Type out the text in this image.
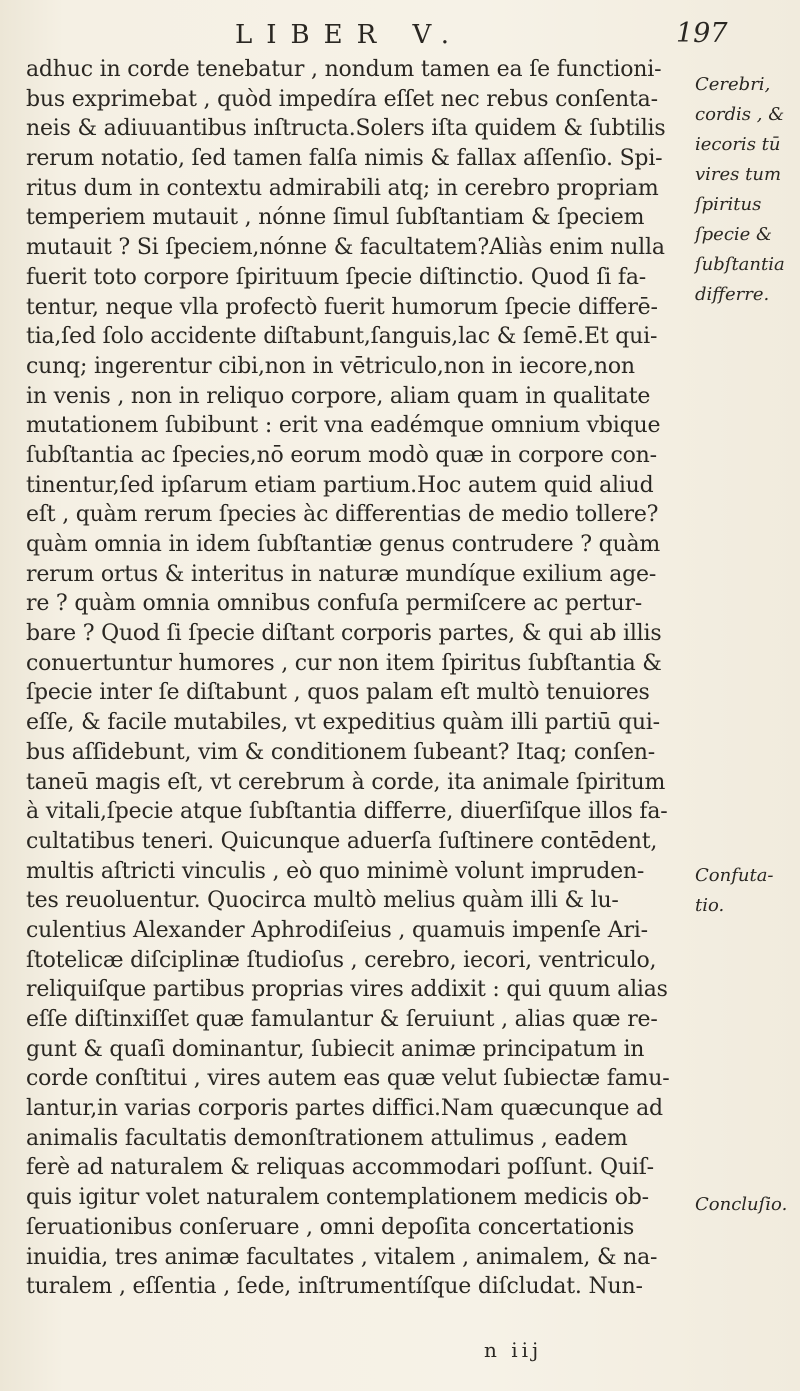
LIBER V.	197
adhuc in corde tenebatur , nondum tamen ea ſe functioni-
bus exprimebat , quòd impedíra eſſet nec rebus conſenta-
neis & adiuuantibus inſtructa.Solers iſta quidem & ſubtilis
rerum notatio, ſed tamen falſa nimis & fallax aſſenſio. Spi-
ritus dum in contextu admirabili atq; in cerebro propriam
temperiem mutauit , nónne ſimul ſubſtantiam & ſpeciem
mutauit ? Si ſpeciem,nónne & facultatem?Aliàs enim nulla
fuerit toto corpore ſpirituum ſpecie diſtinctio. Quod ſi fa-
tentur, neque vlla profectò fuerit humorum ſpecie differē-
tia,ſed ſolo accidente diſtabunt,ſanguis,lac & ſemē.Et qui-
cunq; ingerentur cibi,non in vētriculo,non in iecore,non
in venis , non in reliquo corpore, aliam quam in qualitate
mutationem ſubibunt : erit vna eadémque omnium vbique
ſubſtantia ac ſpecies,nō eorum modò quæ in corpore con-
tinentur,ſed ipſarum etiam partium.Hoc autem quid aliud
eſt , quàm rerum ſpecies àc differentias de medio tollere?
quàm omnia in idem ſubſtantiæ genus contrudere ? quàm
rerum ortus & interitus in naturæ mundíque exilium age-
re ? quàm omnia omnibus confuſa permiſcere ac pertur-
bare ? Quod ſi ſpecie diſtant corporis partes, & qui ab illis
conuertuntur humores , cur non item ſpiritus ſubſtantia &
ſpecie inter ſe diſtabunt , quos palam eſt multò tenuiores
eſſe, & facile mutabiles, vt expeditius quàm illi partiū qui-
bus aſſidebunt, vim & conditionem ſubeant? Itaq; conſen-
taneū magis eſt, vt cerebrum à corde, ita animale ſpiritum
à vitali,ſpecie atque ſubſtantia differre, diuerſiſque illos fa-
cultatibus teneri. Quicunque aduerſa ſuſtinere contēdent,
multis aſtricti vinculis , eò quo minimè volunt impruden-
tes reuoluentur. Quocirca multò melius quàm illi & lu-
culentius Alexander Aphrodiſeius , quamuis impenſe Ari-
ſtotelicæ diſciplinæ ſtudioſus , cerebro, iecori, ventriculo,
reliquiſque partibus proprias vires addixit : qui quum alias
eſſe diſtinxiſſet quæ famulantur & ſeruiunt , alias quæ re-
gunt & quaſi dominantur, ſubiecit animæ principatum in
corde conſtitui , vires autem eas quæ velut ſubiectæ famu-
lantur,in varias corporis partes diffici.Nam quæcunque ad
animalis facultatis demonſtrationem attulimus , eadem
ferè ad naturalem & reliquas accommodari poſſunt. Quiſ-
quis igitur volet naturalem contemplationem medicis ob-
ſeruationibus conſeruare , omni depoſita concertationis
inuidia, tres animæ facultates , vitalem , animalem, & na-
turalem , eſſentia , ſede, inſtrumentíſque diſcludat. Nun-
Cerebri,
cordis , &
iecoris tū
vires tum
ſpiritus
ſpecie &
ſubſtantia
differre.
Confuta-
tio.
Concluſio.
n iij
